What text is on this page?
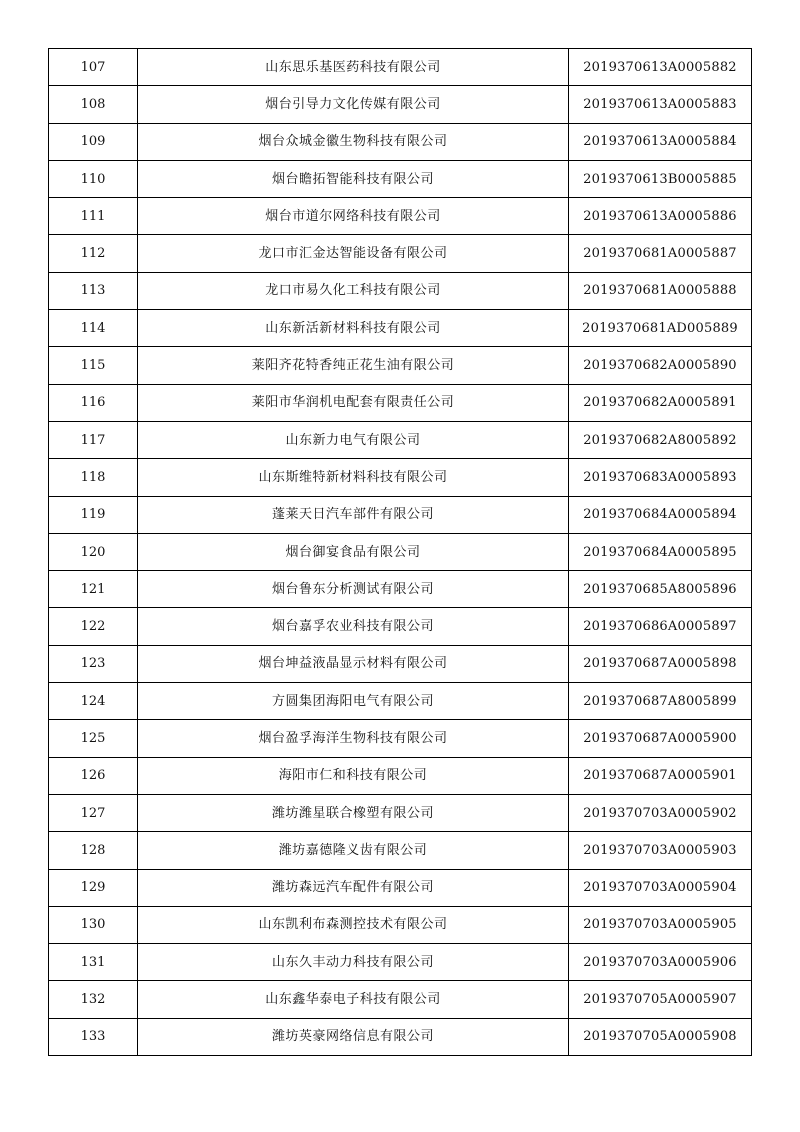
107	山东思乐基医药科技有限公司	2019370613A0005882
108	烟台引导力文化传媒有限公司	2019370613A0005883
109	烟台众城金徽生物科技有限公司	2019370613A0005884
110	烟台瞻拓智能科技有限公司	2019370613B0005885
111	烟台市道尔网络科技有限公司	2019370613A0005886
112	龙口市汇金达智能设备有限公司	2019370681A0005887
113	龙口市易久化工科技有限公司	2019370681A0005888
114	山东新活新材料科技有限公司	2019370681AD005889
115	莱阳齐花特香纯正花生油有限公司	2019370682A0005890
116	莱阳市华润机电配套有限责任公司	2019370682A0005891
117	山东新力电气有限公司	2019370682A8005892
118	山东斯维特新材料科技有限公司	2019370683A0005893
119	蓬莱天日汽车部件有限公司	2019370684A0005894
120	烟台御宴食品有限公司	2019370684A0005895
121	烟台鲁东分析测试有限公司	2019370685A8005896
122	烟台嘉孚农业科技有限公司	2019370686A0005897
123	烟台坤益液晶显示材料有限公司	2019370687A0005898
124	方圆集团海阳电气有限公司	2019370687A8005899
125	烟台盈孚海洋生物科技有限公司	2019370687A0005900
126	海阳市仁和科技有限公司	2019370687A0005901
127	潍坊潍星联合橡塑有限公司	2019370703A0005902
128	潍坊嘉德隆义齿有限公司	2019370703A0005903
129	潍坊森远汽车配件有限公司	2019370703A0005904
130	山东凯利布森测控技术有限公司	2019370703A0005905
131	山东久丰动力科技有限公司	2019370703A0005906
132	山东鑫华泰电子科技有限公司	2019370705A0005907
133	潍坊英豪网络信息有限公司	2019370705A0005908
